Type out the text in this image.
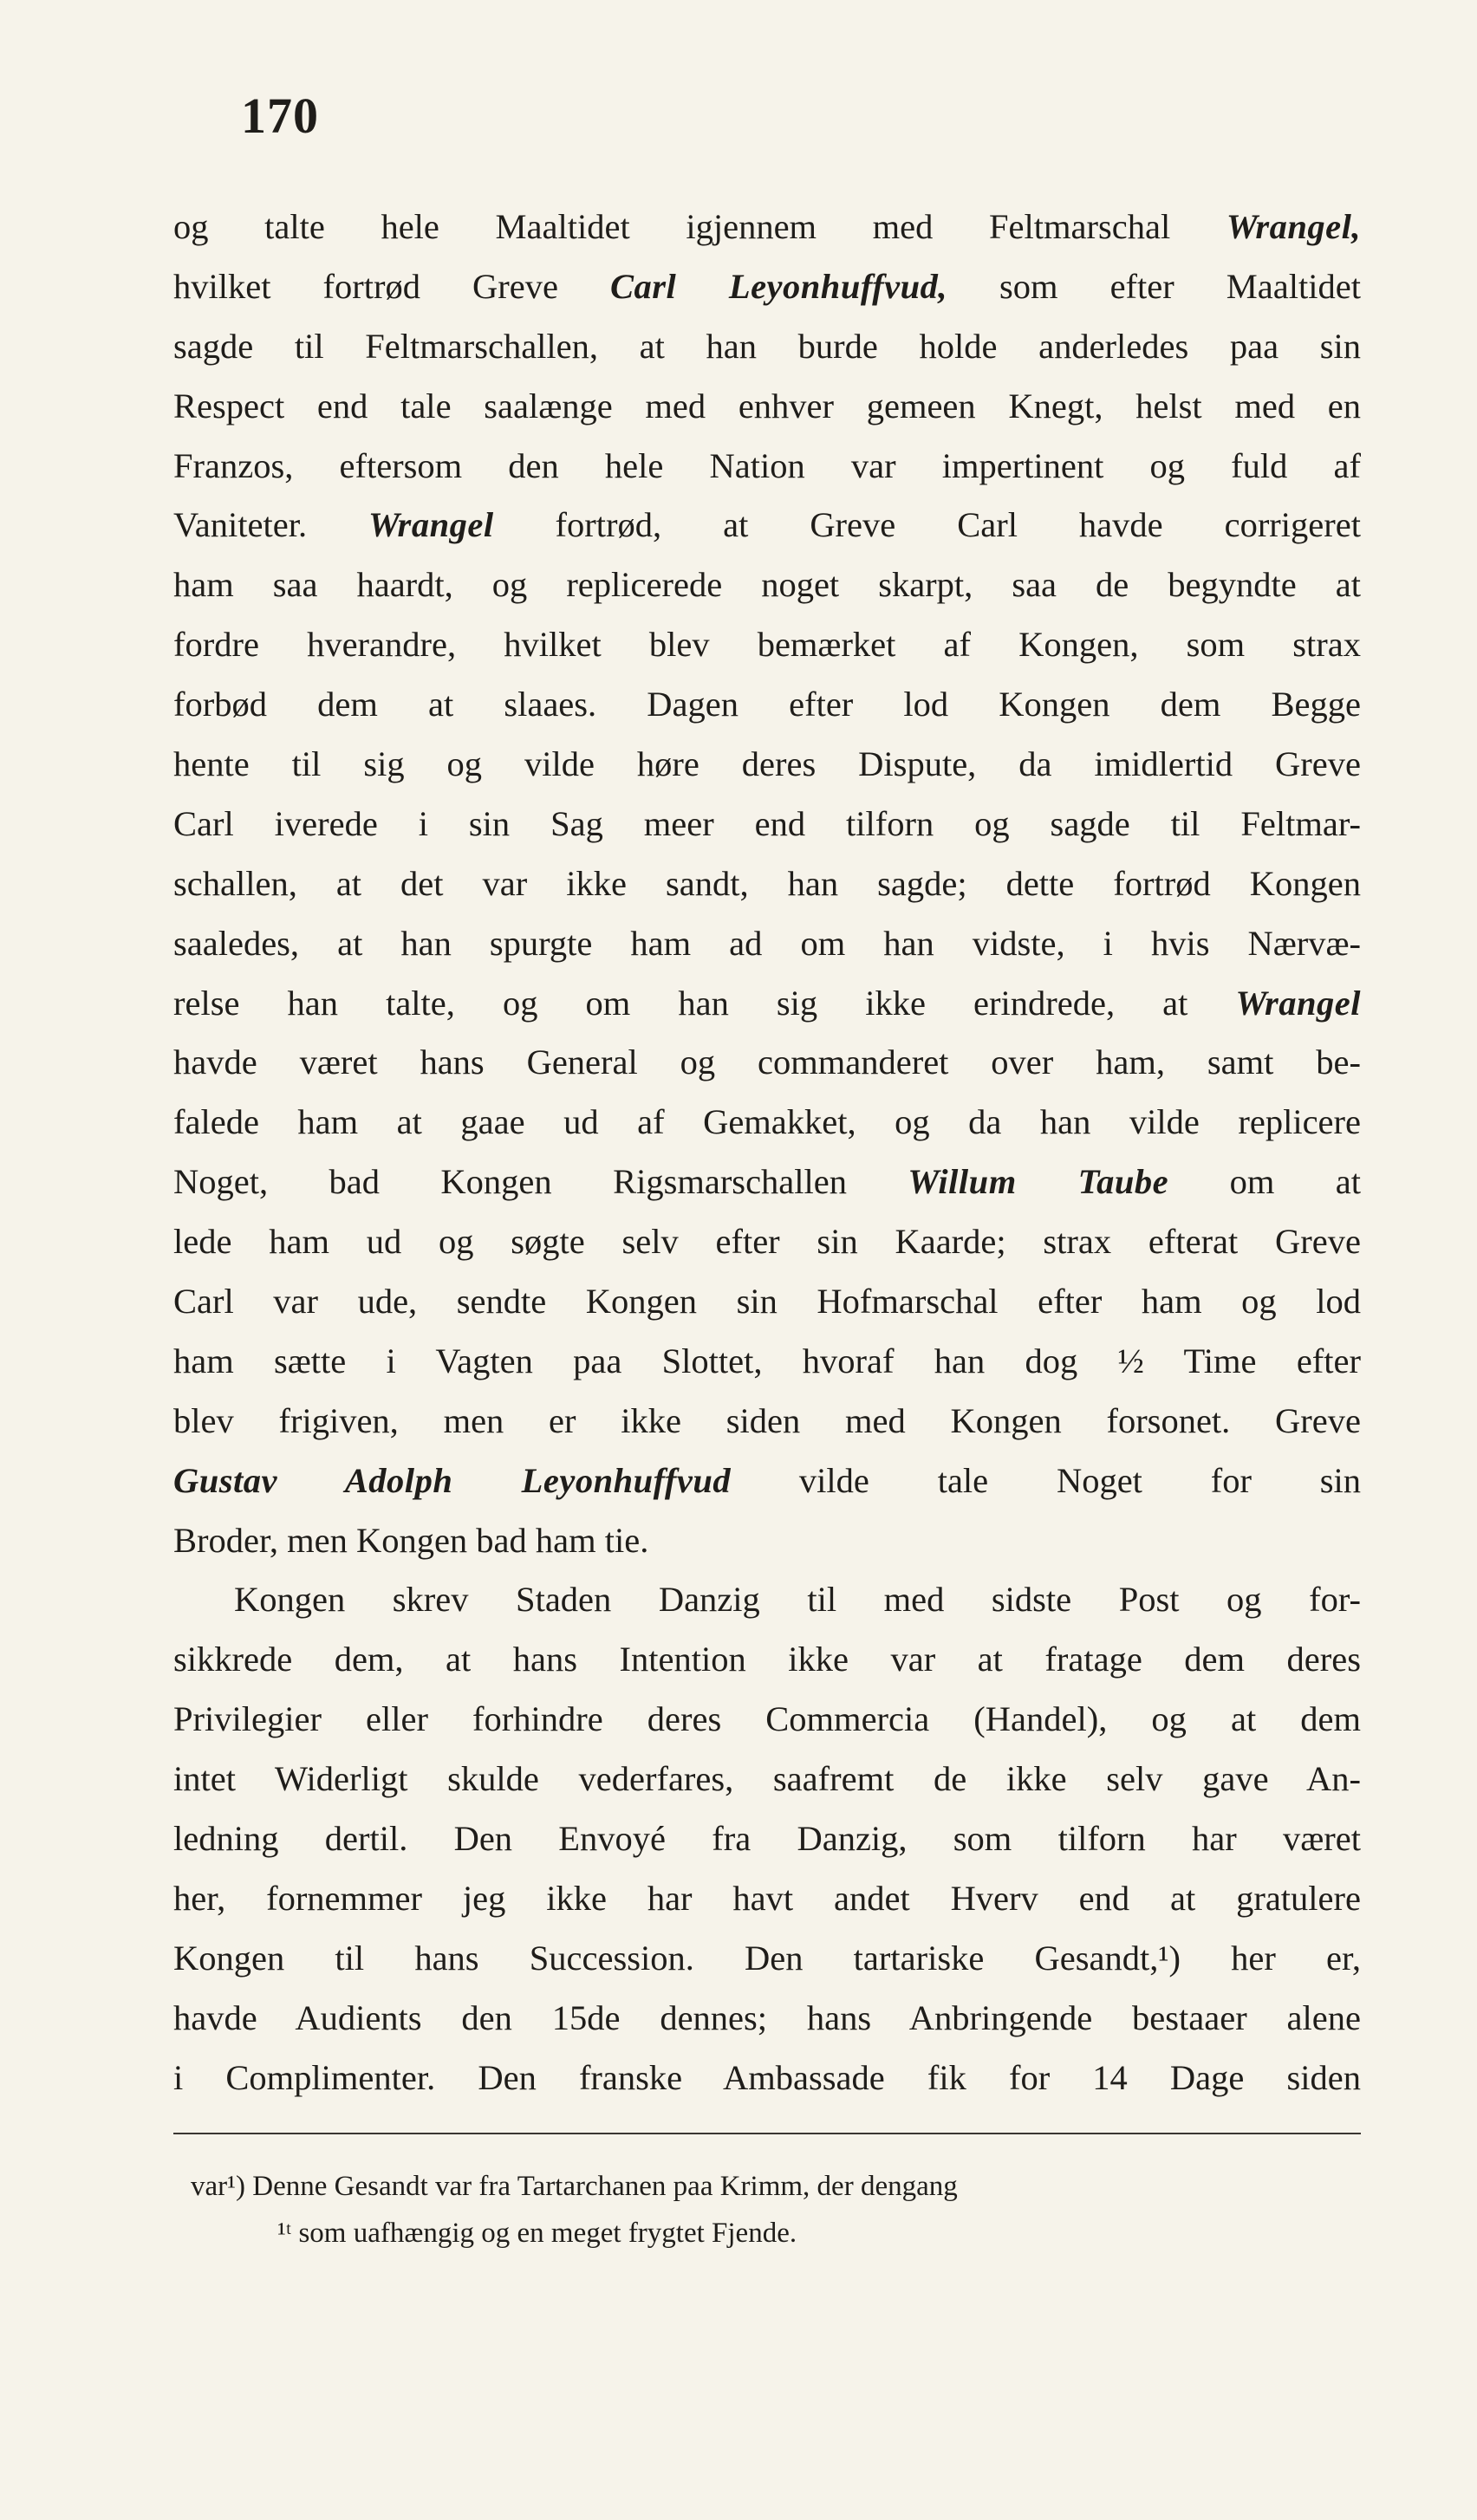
170
og talte hele Maaltidet igjennem med Feltmarschal Wrangel,
hvilket fortrød Greve Carl Leyonhuffvud, som efter Maaltidet
sagde til Feltmarschallen, at han burde holde anderledes paa sin
Respect end tale saalænge med enhver gemeen Knegt, helst med en
Franzos, eftersom den hele Nation var impertinent og fuld af
Vaniteter. Wrangel fortrød, at Greve Carl havde corrigeret
ham saa haardt, og replicerede noget skarpt, saa de begyndte at
fordre hverandre, hvilket blev bemærket af Kongen, som strax
forbød dem at slaaes. Dagen efter lod Kongen dem Begge
hente til sig og vilde høre deres Dispute, da imidlertid Greve
Carl iverede i sin Sag meer end tilforn og sagde til Feltmar-
schallen, at det var ikke sandt, han sagde; dette fortrød Kongen
saaledes, at han spurgte ham ad om han vidste, i hvis Nærvæ-
relse han talte, og om han sig ikke erindrede, at Wrangel
havde været hans General og commanderet over ham, samt be-
falede ham at gaae ud af Gemakket, og da han vilde replicere
Noget, bad Kongen Rigsmarschallen Willum Taube om at
lede ham ud og søgte selv efter sin Kaarde; strax efterat Greve
Carl var ude, sendte Kongen sin Hofmarschal efter ham og lod
ham sætte i Vagten paa Slottet, hvoraf han dog ½ Time efter
blev frigiven, men er ikke siden med Kongen forsonet. Greve
Gustav Adolph Leyonhuffvud vilde tale Noget for sin
Broder, men Kongen bad ham tie.
Kongen skrev Staden Danzig til med sidste Post og for-
sikkrede dem, at hans Intention ikke var at fratage dem deres
Privilegier eller forhindre deres Commercia (Handel), og at dem
intet Widerligt skulde vederfares, saafremt de ikke selv gave An-
ledning dertil. Den Envoyé fra Danzig, som tilforn har været
her, fornemmer jeg ikke har havt andet Hverv end at gratulere
Kongen til hans Succession. Den tartariske Gesandt,¹) her er,
havde Audients den 15de dennes; hans Anbringende bestaaer alene
i Complimenter. Den franske Ambassade fik for 14 Dage siden
var¹) Denne Gesandt var fra Tartarchanen paa Krimm, der dengang
¹ᵗ som uafhængig og en meget frygtet Fjende.
